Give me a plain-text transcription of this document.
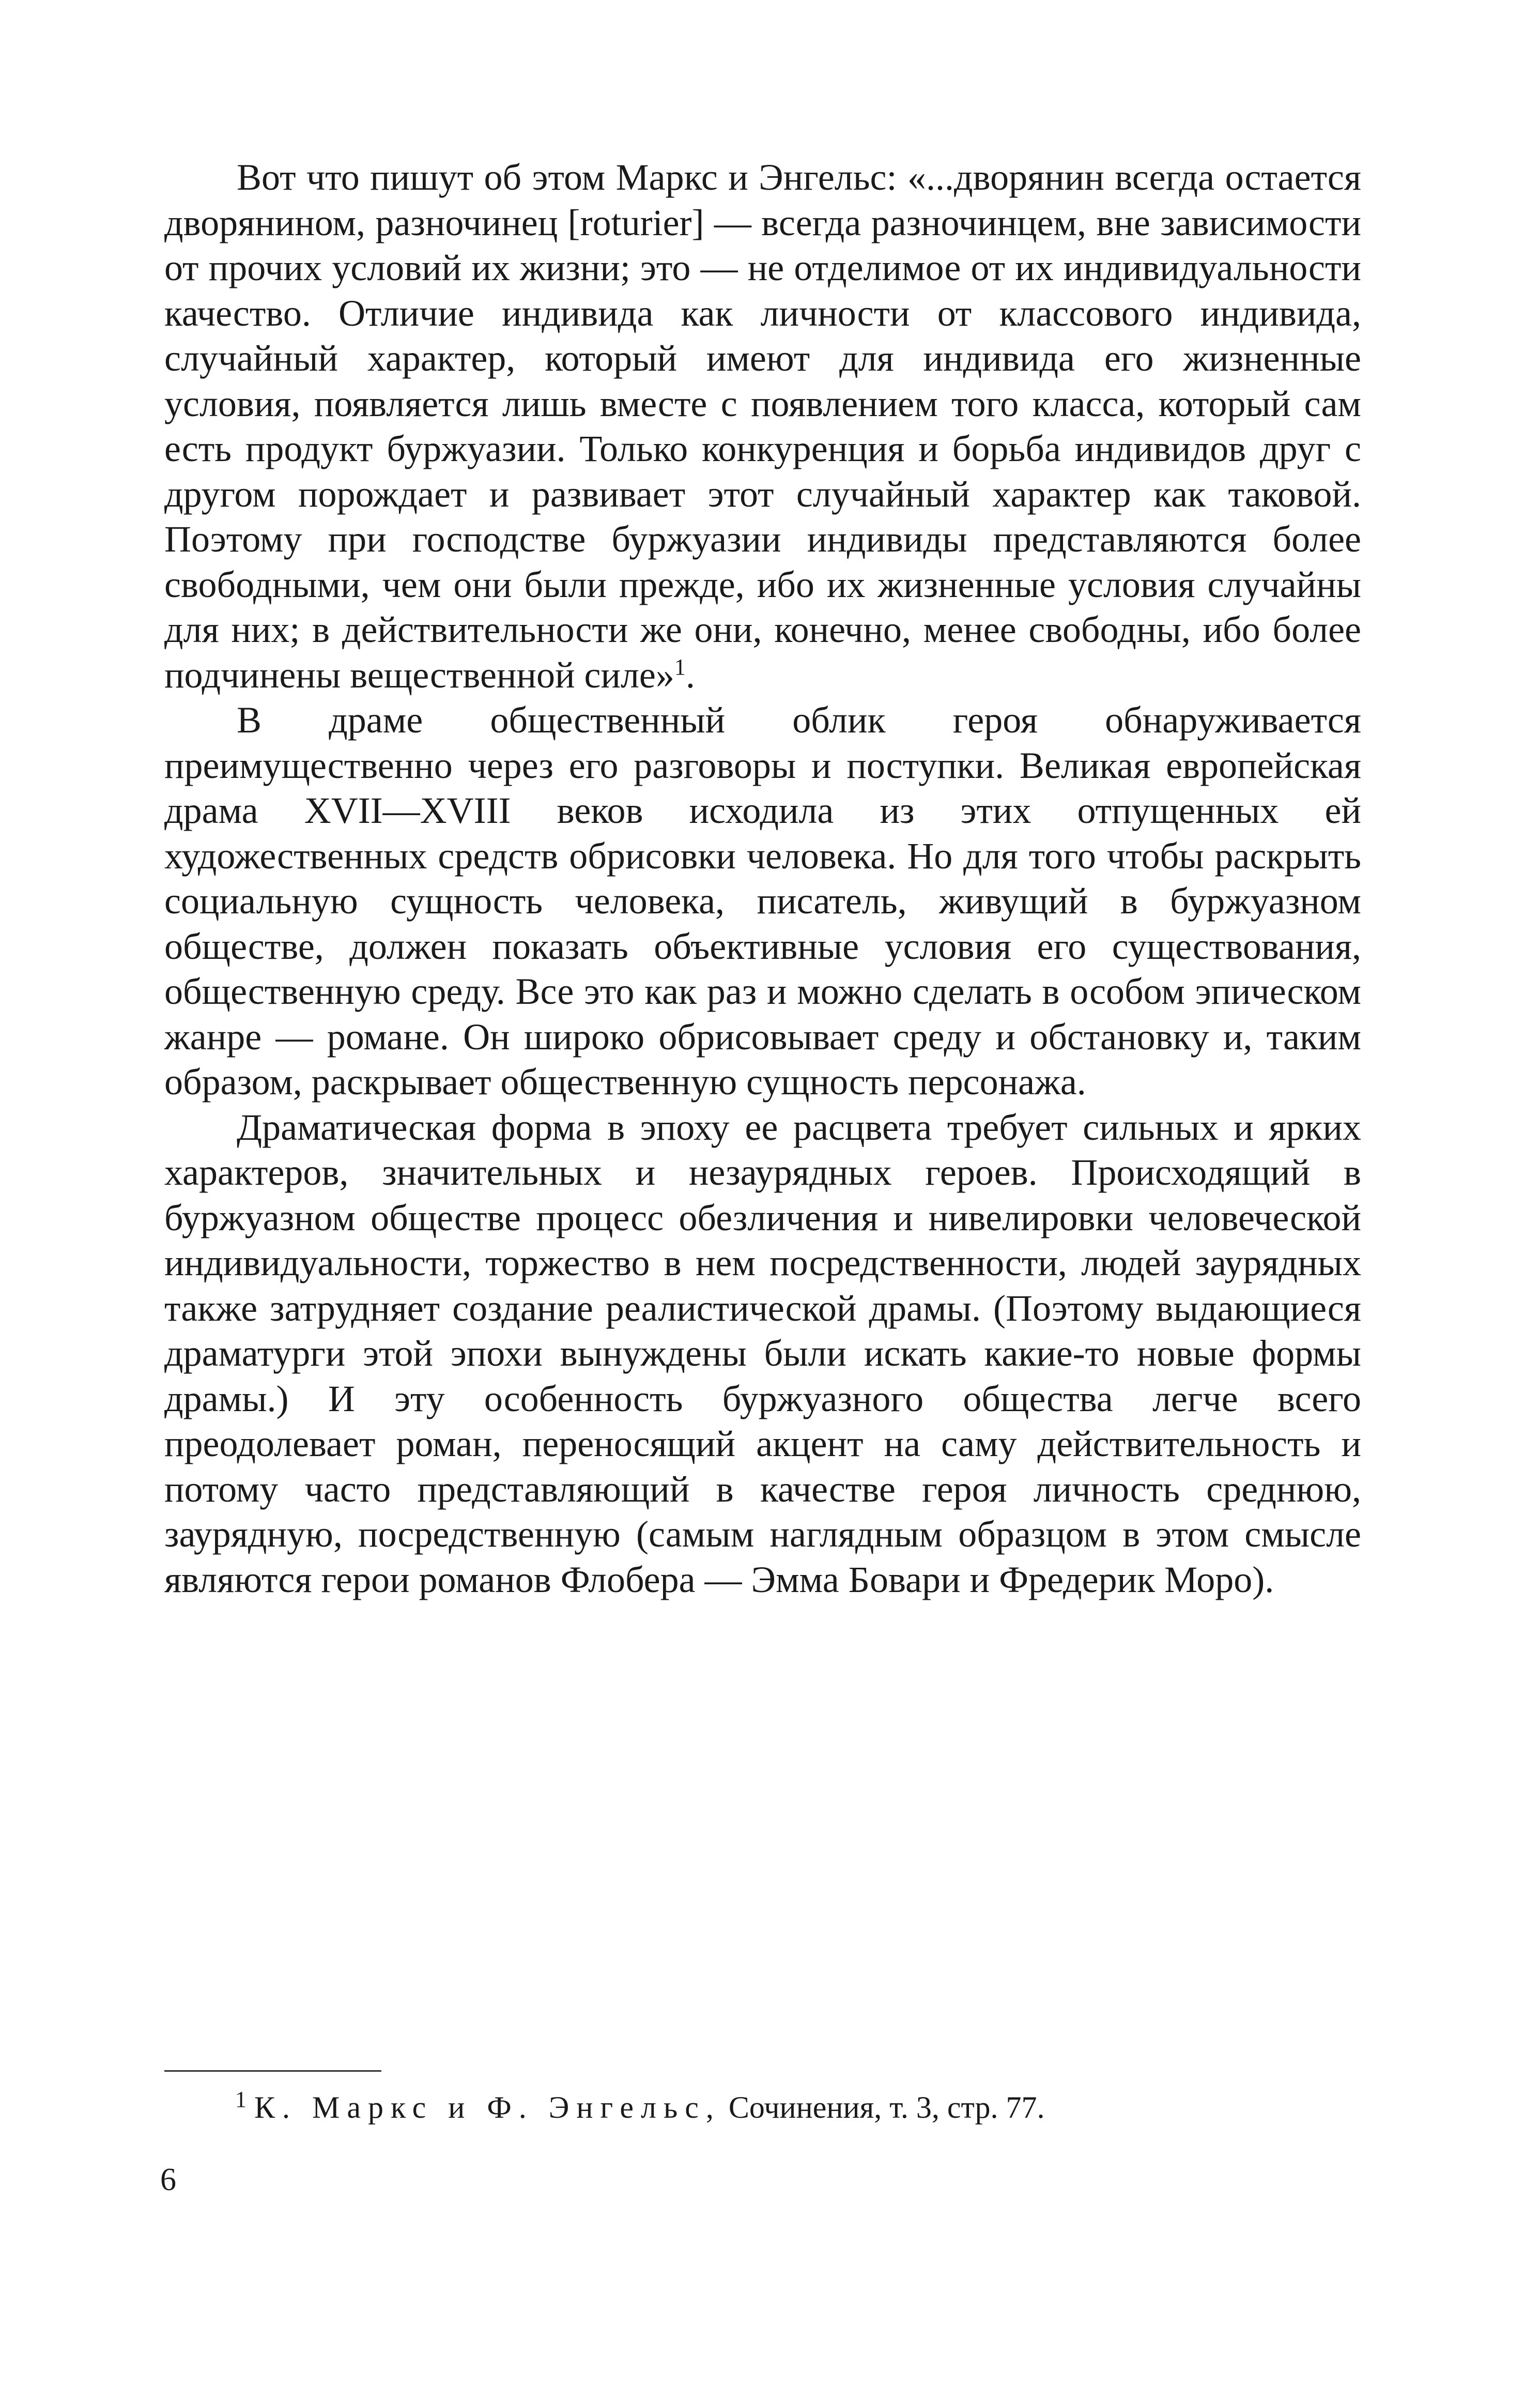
Вот что пишут об этом Маркс и Энгельс: «...дворянин всегда остается дворянином, разночинец [roturier] — всегда разночинцем, вне зависимости от прочих условий их жизни; это — не отделимое от их индивидуальности качество. Отличие индивида как личности от классового индивида, случайный характер, который имеют для индивида его жизненные условия, появляется лишь вместе с появлением того класса, который сам есть продукт буржуазии. Только конкуренция и борьба индивидов друг с другом порождает и развивает этот случайный характер как таковой. Поэтому при господстве буржуазии индивиды представляются более свободными, чем они были прежде, ибо их жизненные условия случайны для них; в действительности же они, конечно, менее свободны, ибо более подчинены вещественной силе»$^1$.

В драме общественный облик героя обнаруживается преимущественно через его разговоры и поступки. Великая европейская драма XVII—XVIII веков исходила из этих отпущенных ей художественных средств обрисовки человека. Но для того чтобы раскрыть социальную сущность человека, писатель, живущий в буржуазном обществе, должен показать объективные условия его существования, общественную среду. Все это как раз и можно сделать в особом эпическом жанре — романе. Он широко обрисовывает среду и обстановку и, таким образом, раскрывает общественную сущность персонажа.

Драматическая форма в эпоху ее расцвета требует сильных и ярких характеров, значительных и незаурядных героев. Происходящий в буржуазном обществе процесс обезличения и нивелировки человеческой индивидуальности, торжество в нем посредственности, людей заурядных также затрудняет создание реалистической драмы. (Поэтому выдающиеся драматурги этой эпохи вынуждены были искать какие-то новые формы драмы.) И эту особенность буржуазного общества легче всего преодолевает роман, переносящий акцент на саму действительность и потому часто представляющий в качестве героя личность среднюю, заурядную, посредственную (самым наглядным образцом в этом смысле являются герои романов Флобера — Эмма Бовари и Фредерик Моро).

$^1$ К. Маркс и Ф. Энгельс, Сочинения, т. 3, стр. 77.
6
